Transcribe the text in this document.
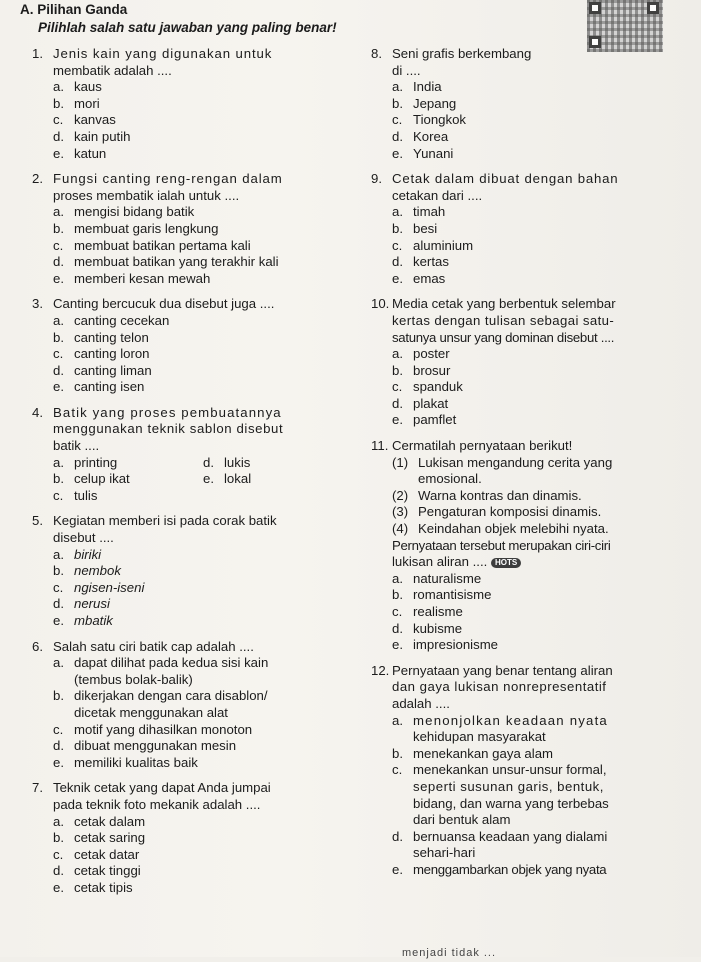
A. Pilihan Ganda
Pilihlah salah satu jawaban yang paling benar!
1. Jenis kain yang digunakan untuk
membatik adalah ....
a. kaus
b. mori
c. kanvas
d. kain putih
e. katun
2. Fungsi canting reng-rengan dalam
proses membatik ialah untuk ....
a. mengisi bidang batik
b. membuat garis lengkung
c. membuat batikan pertama kali
d. membuat batikan yang terakhir kali
e. memberi kesan mewah
3. Canting bercucuk dua disebut juga ....
a. canting cecekan
b. canting telon
c. canting loron
d. canting liman
e. canting isen
4. Batik yang proses pembuatannya
menggunakan teknik sablon disebut
batik ....
a. printing	d. lukis
b. celup ikat	e. lokal
c. tulis
5. Kegiatan memberi isi pada corak batik
disebut ....
a. biriki
b. nembok
c. ngisen-iseni
d. nerusi
e. mbatik
6. Salah satu ciri batik cap adalah ....
a. dapat dilihat pada kedua sisi kain
(tembus bolak-balik)
b. dikerjakan dengan cara disablon/
dicetak menggunakan alat
c. motif yang dihasilkan monoton
d. dibuat menggunakan mesin
e. memiliki kualitas baik
7. Teknik cetak yang dapat Anda jumpai
pada teknik foto mekanik adalah ....
a. cetak dalam
b. cetak saring
c. cetak datar
d. cetak tinggi
e. cetak tipis
8. Seni grafis berkembang
di ....
a. India
b. Jepang
c. Tiongkok
d. Korea
e. Yunani
9. Cetak dalam dibuat dengan bahan
cetakan dari ....
a. timah
b. besi
c. aluminium
d. kertas
e. emas
10. Media cetak yang berbentuk selembar
kertas dengan tulisan sebagai satu-
satunya unsur yang dominan disebut ....
a. poster
b. brosur
c. spanduk
d. plakat
e. pamflet
11. Cermatilah pernyataan berikut!
(1) Lukisan mengandung cerita yang
emosional.
(2) Warna kontras dan dinamis.
(3) Pengaturan komposisi dinamis.
(4) Keindahan objek melebihi nyata.
Pernyataan tersebut merupakan ciri-ciri
lukisan aliran .... HOTS
a. naturalisme
b. romantisisme
c. realisme
d. kubisme
e. impresionisme
12. Pernyataan yang benar tentang aliran
dan gaya lukisan nonrepresentatif
adalah ....
a. menonjolkan keadaan nyata
kehidupan masyarakat
b. menekankan gaya alam
c. menekankan unsur-unsur formal,
seperti susunan garis, bentuk,
bidang, dan warna yang terbebas
dari bentuk alam
d. bernuansa keadaan yang dialami
sehari-hari
e. menggambarkan objek yang nyata
menjadi tidak ...
